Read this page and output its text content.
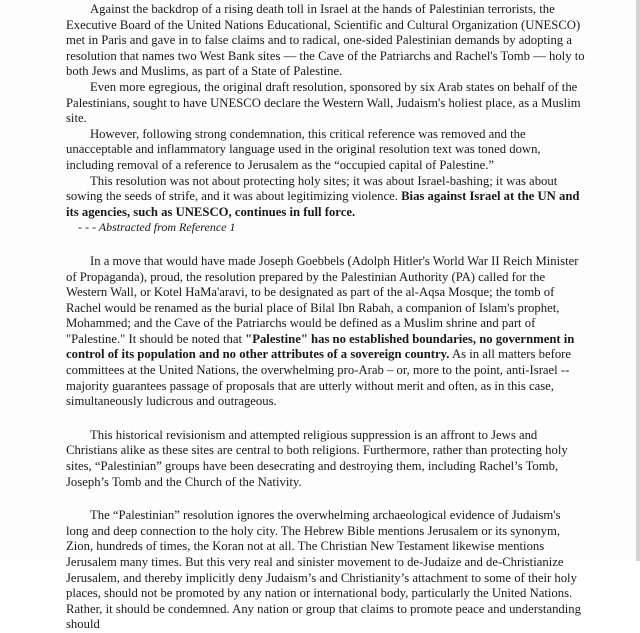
Against the backdrop of a rising death toll in Israel at the hands of Palestinian terrorists, the Executive Board of the United Nations Educational, Scientific and Cultural Organization (UNESCO) met in Paris and gave in to false claims and to radical, one-sided Palestinian demands by adopting a resolution that names two West Bank sites — the Cave of the Patriarchs and Rachel's Tomb — holy to both Jews and Muslims, as part of a State of Palestine.

Even more egregious, the original draft resolution, sponsored by six Arab states on behalf of the Palestinians, sought to have UNESCO declare the Western Wall, Judaism's holiest place, as a Muslim site.

However, following strong condemnation, this critical reference was removed and the unacceptable and inflammatory language used in the original resolution text was toned down, including removal of a reference to Jerusalem as the “occupied capital of Palestine.”

This resolution was not about protecting holy sites; it was about Israel-bashing; it was about sowing the seeds of strife, and it was about legitimizing violence. Bias against Israel at the UN and its agencies, such as UNESCO, continues in full force.

- - - Abstracted from Reference 1

In a move that would have made Joseph Goebbels (Adolph Hitler's World War II Reich Minister of Propaganda), proud, the resolution prepared by the Palestinian Authority (PA) called for the Western Wall, or Kotel HaMa'aravi, to be designated as part of the al-Aqsa Mosque; the tomb of Rachel would be renamed as the burial place of Bilal Ibn Rabah, a companion of Islam's prophet, Mohammed; and the Cave of the Patriarchs would be defined as a Muslim shrine and part of "Palestine." It should be noted that "Palestine" has no established boundaries, no government in control of its population and no other attributes of a sovereign country. As in all matters before committees at the United Nations, the overwhelming pro-Arab – or, more to the point, anti-Israel -- majority guarantees passage of proposals that are utterly without merit and often, as in this case, simultaneously ludicrous and outrageous.

This historical revisionism and attempted religious suppression is an affront to Jews and Christians alike as these sites are central to both religions. Furthermore, rather than protecting holy sites, “Palestinian” groups have been desecrating and destroying them, including Rachel’s Tomb, Joseph’s Tomb and the Church of the Nativity.

The “Palestinian” resolution ignores the overwhelming archaeological evidence of Judaism's long and deep connection to the holy city. The Hebrew Bible mentions Jerusalem or its synonym, Zion, hundreds of times, the Koran not at all. The Christian New Testament likewise mentions Jerusalem many times. But this very real and sinister movement to de-Judaize and de-Christianize Jerusalem, and thereby implicitly deny Judaism’s and Christianity’s attachment to some of their holy places, should not be promoted by any nation or international body, particularly the United Nations. Rather, it should be condemned. Any nation or group that claims to promote peace and understanding should
